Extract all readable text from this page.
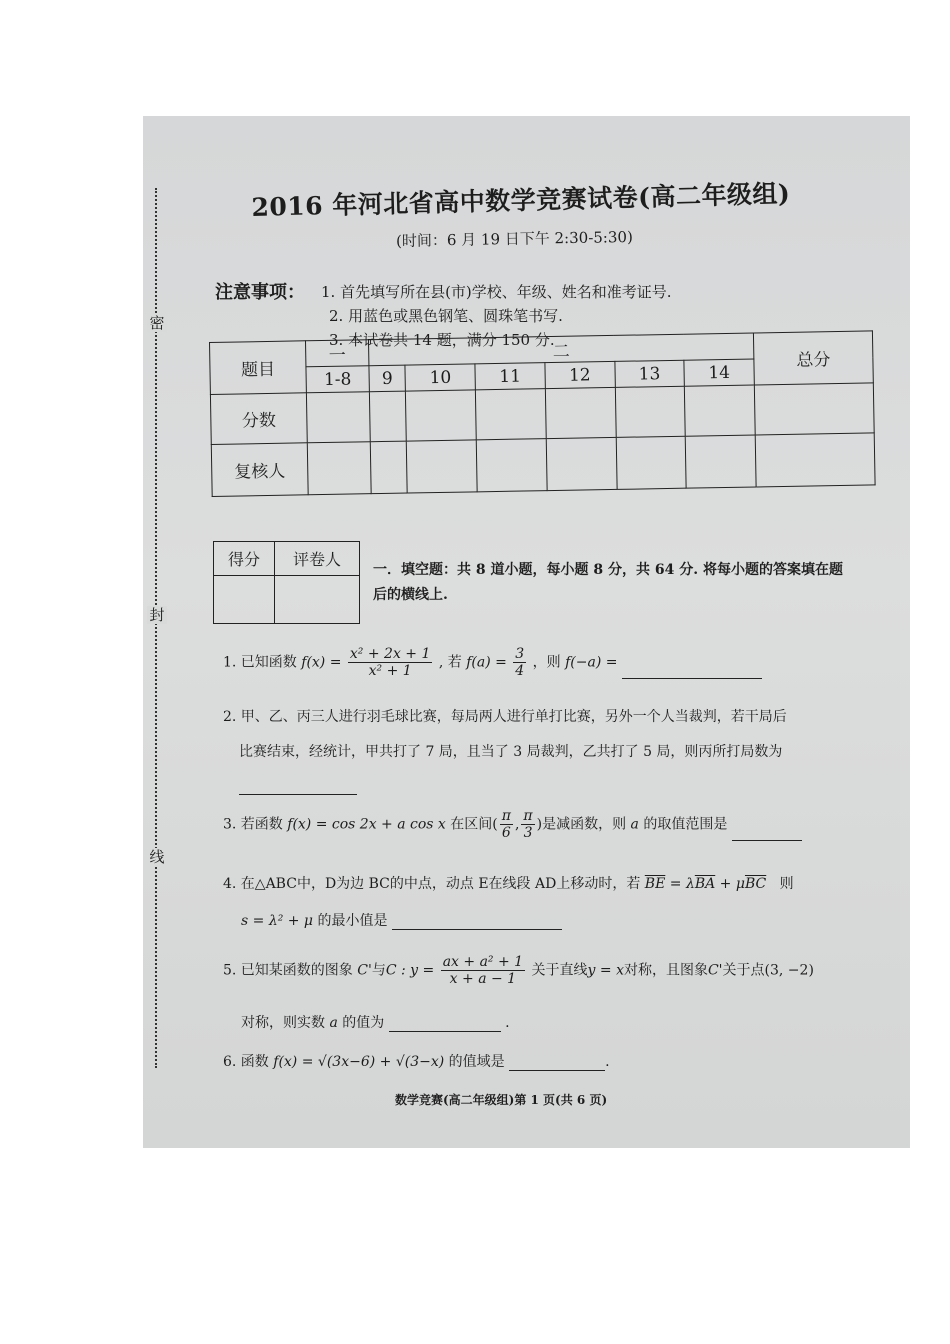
密
封
线
2016 年河北省高中数学竞赛试卷(高二年级组)
(时间：6 月 19 日下午 2:30-5:30)
注意事项： 1. 首先填写所在县(市)学校、年级、姓名和准考证号.
2. 用蓝色或黑色钢笔、圆珠笔书写.
3. 本试卷共 14 题，满分 150 分.
题目	一	二						总分
	1-8	9	10	11	12	13	14	
分数								
复核人								
得分	评卷人

一．填空题：共 8 道小题，每小题 8 分，共 64 分. 将每小题的答案填在题后的横线上.
1. 已知函数 $f(x) = \frac{\text{x² + 2x + 1}}{\text{x² + 1}}$ , 若 $f(a) = \frac{3}{4}$ ，则 f(−a) =
2. 甲、乙、丙三人进行羽毛球比赛，每局两人进行单打比赛，另外一个人当裁判，若干局后
比赛结束，经统计，甲共打了 7 局，且当了 3 局裁判，乙共打了 5 局，则丙所打局数为
3. 若函数 f(x) = cos 2x + a cos x 在区间( $\frac{\pi}{6}$ , $\frac{\pi}{3}$ )是减函数，则 a 的取值范围是
4. 在△ABC中，D为边 BC的中点，动点 E在线段 AD上移动时，若 $\overline{BE} = \lambda\overline{BA} + \mu\overline{BC}$ 则
s = λ² + μ 的最小值是
5. 已知某函数的图象 C'与C : $y = \frac{\text{ax + a² + 1}}{x + a - 1}$ 关于直线y = x对称，且图象C'关于点(3, −2)
对称，则实数 a 的值为	.
6. 函数 f(x) = √(3x−6) + √(3−x) 的值域是	.
数学竞赛(高二年级组)第 1 页(共 6 页)
